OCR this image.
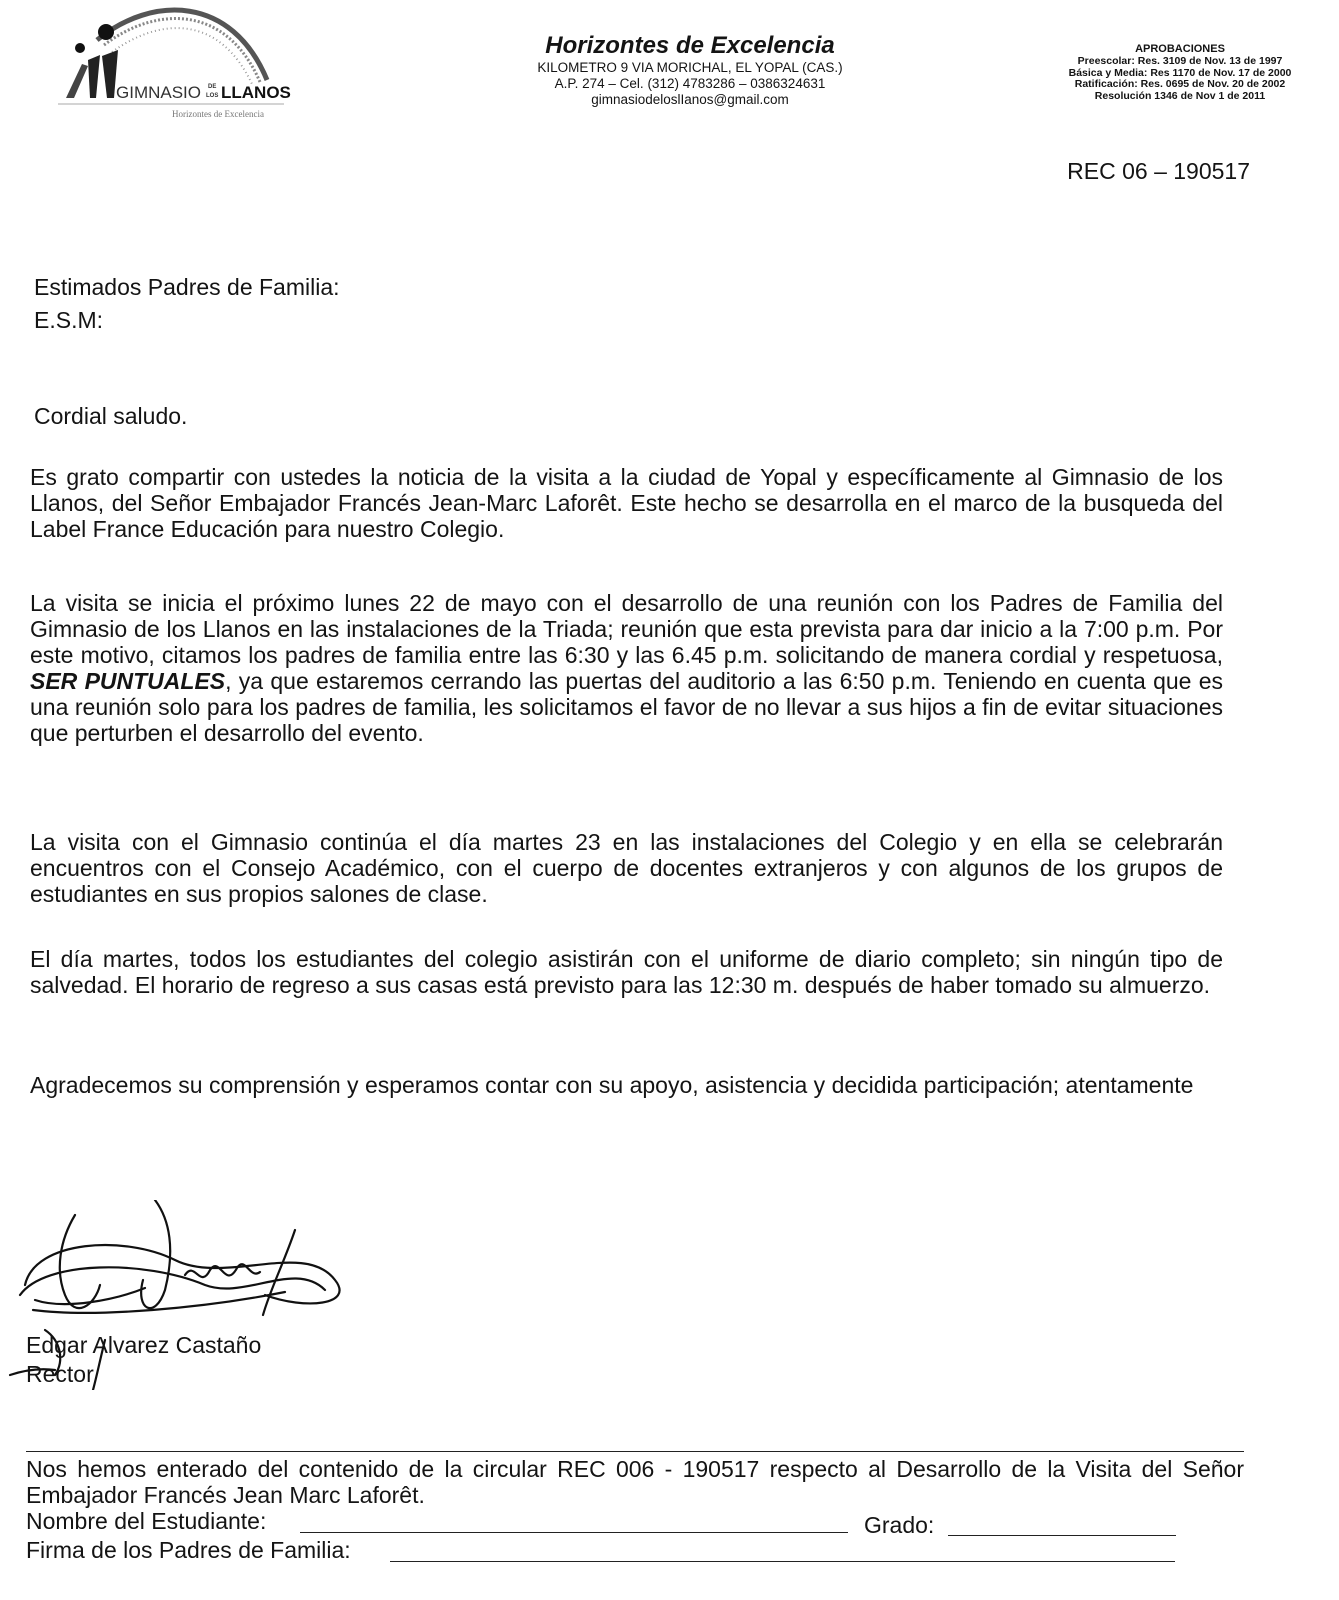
GIMNASIO DE
LOS LLANOS
Horizontes de Excelencia
Horizontes de Excelencia
KILOMETRO 9 VIA MORICHAL, EL YOPAL (CAS.)
A.P. 274 – Cel. (312) 4783286 – 0386324631
gimnasiodeloslIanos@gmail.com
APROBACIONES
Preescolar: Res. 3109 de Nov. 13 de 1997
Básica y Media: Res 1170 de Nov. 17 de 2000
Ratificación: Res. 0695 de Nov. 20 de 2002
Resolución 1346 de Nov 1 de 2011
REC 06 – 190517
Estimados Padres de Familia:
E.S.M:
Cordial saludo.
Es grato compartir con ustedes la noticia de la visita a la ciudad de Yopal y específicamente al Gimnasio de los Llanos, del Señor Embajador Francés Jean-Marc Laforêt. Este hecho se desarrolla en el marco de la busqueda del Label France Educación para nuestro Colegio.
La visita se inicia el próximo lunes 22 de mayo con el desarrollo de una reunión con los Padres de Familia del Gimnasio de los Llanos en las instalaciones de la Triada; reunión que esta prevista para dar inicio a la 7:00 p.m. Por este motivo, citamos los padres de familia entre las 6:30 y las 6.45 p.m. solicitando de manera cordial y respetuosa, SER PUNTUALES, ya que estaremos cerrando las puertas del auditorio a las 6:50 p.m. Teniendo en cuenta que es una reunión solo para los padres de familia, les solicitamos el favor de no llevar a sus hijos a fin de evitar situaciones que perturben el desarrollo del evento.
La visita con el Gimnasio continúa el día martes 23 en las instalaciones del Colegio y en ella se celebrarán encuentros con el Consejo Académico, con el cuerpo de docentes extranjeros y con algunos de los grupos de estudiantes en sus propios salones de clase.
El día martes, todos los estudiantes del colegio asistirán con el uniforme de diario completo; sin ningún tipo de salvedad. El horario de regreso a sus casas está previsto para las 12:30 m. después de haber tomado su almuerzo.
Agradecemos su comprensión y esperamos contar con su apoyo, asistencia y decidida participación; atentamente
Edgar Alvarez Castaño
Rector
Nos hemos enterado del contenido de la circular REC 006 - 190517 respecto al Desarrollo de la Visita del Señor Embajador Francés Jean Marc Laforêt.
Nombre del Estudiante:	Grado:
Firma de los Padres de Familia:
